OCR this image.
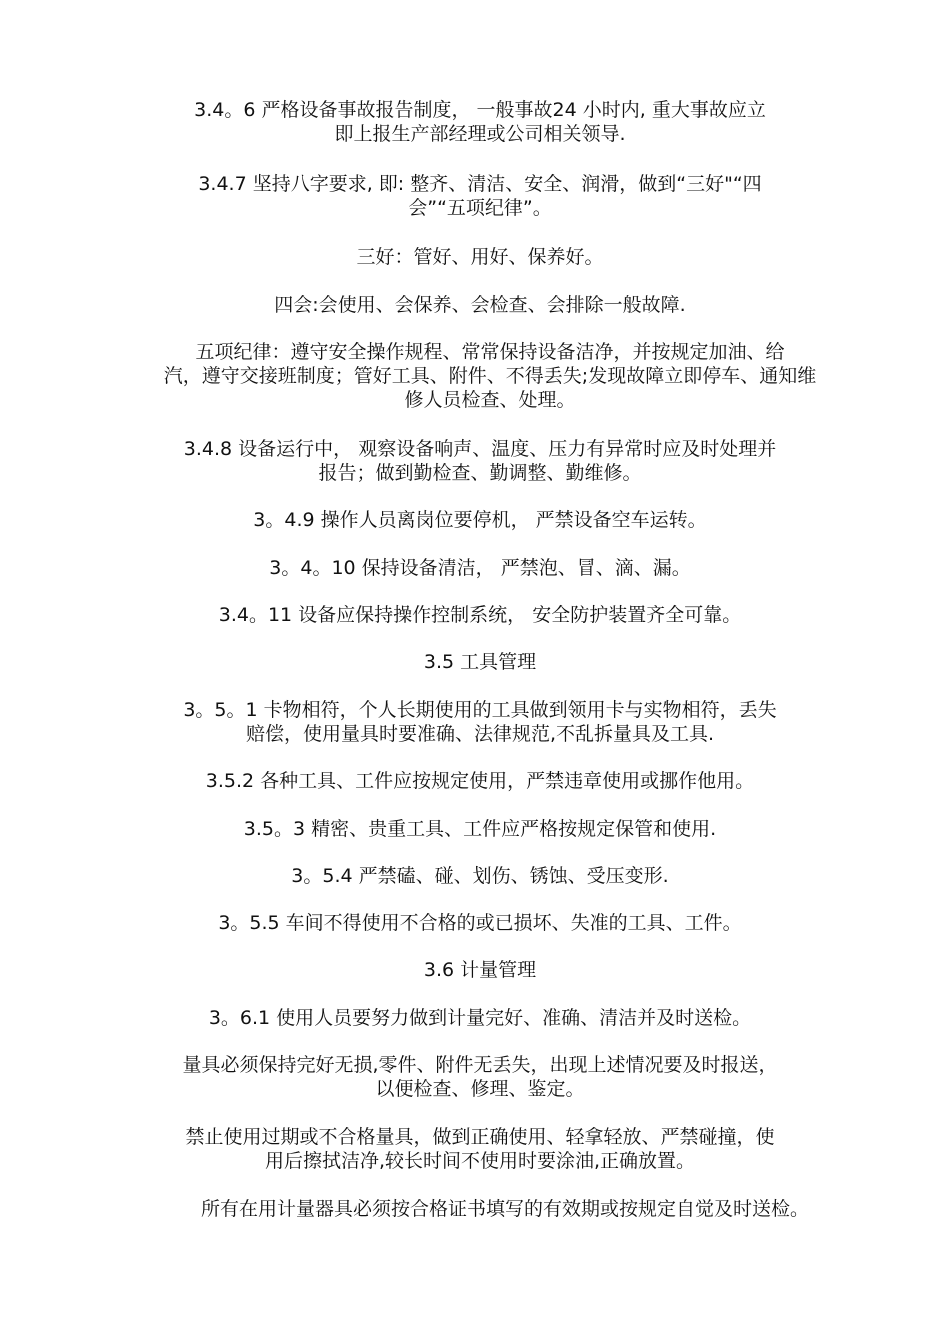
3.4。6 严格设备事故报告制度， 一般事故24 小时内, 重大事故应立
即上报生产部经理或公司相关领导.

3.4.7 坚持八字要求, 即: 整齐、清洁、安全、润滑，做到“三好"“四
会”“五项纪律”。

三好：管好、用好、保养好。

四会:会使用、会保养、会检查、会排除一般故障.

五项纪律：遵守安全操作规程、常常保持设备洁净，并按规定加油、给
汽，遵守交接班制度；管好工具、附件、不得丢失;发现故障立即停车、通知维
修人员检查、处理。

3.4.8 设备运行中， 观察设备响声、温度、压力有异常时应及时处理并
报告；做到勤检查、勤调整、勤维修。

3。4.9 操作人员离岗位要停机， 严禁设备空车运转。

3。4。10 保持设备清洁， 严禁泡、冒、滴、漏。

3.4。11 设备应保持操作控制系统， 安全防护装置齐全可靠。

3.5 工具管理

3。5。1 卡物相符，个人长期使用的工具做到领用卡与实物相符，丢失
赔偿，使用量具时要准确、法律规范,不乱拆量具及工具.

3.5.2 各种工具、工件应按规定使用，严禁违章使用或挪作他用。

3.5。3 精密、贵重工具、工件应严格按规定保管和使用.

3。5.4 严禁磕、碰、划伤、锈蚀、受压变形.

3。5.5 车间不得使用不合格的或已损坏、失准的工具、工件。

3.6 计量管理

3。6.1 使用人员要努力做到计量完好、准确、清洁并及时送检。

量具必须保持完好无损,零件、附件无丢失，出现上述情况要及时报送，
以便检查、修理、鉴定。

禁止使用过期或不合格量具，做到正确使用、轻拿轻放、严禁碰撞，使
用后擦拭洁净,较长时间不使用时要涂油,正确放置。

所有在用计量器具必须按合格证书填写的有效期或按规定自觉及时送检。
